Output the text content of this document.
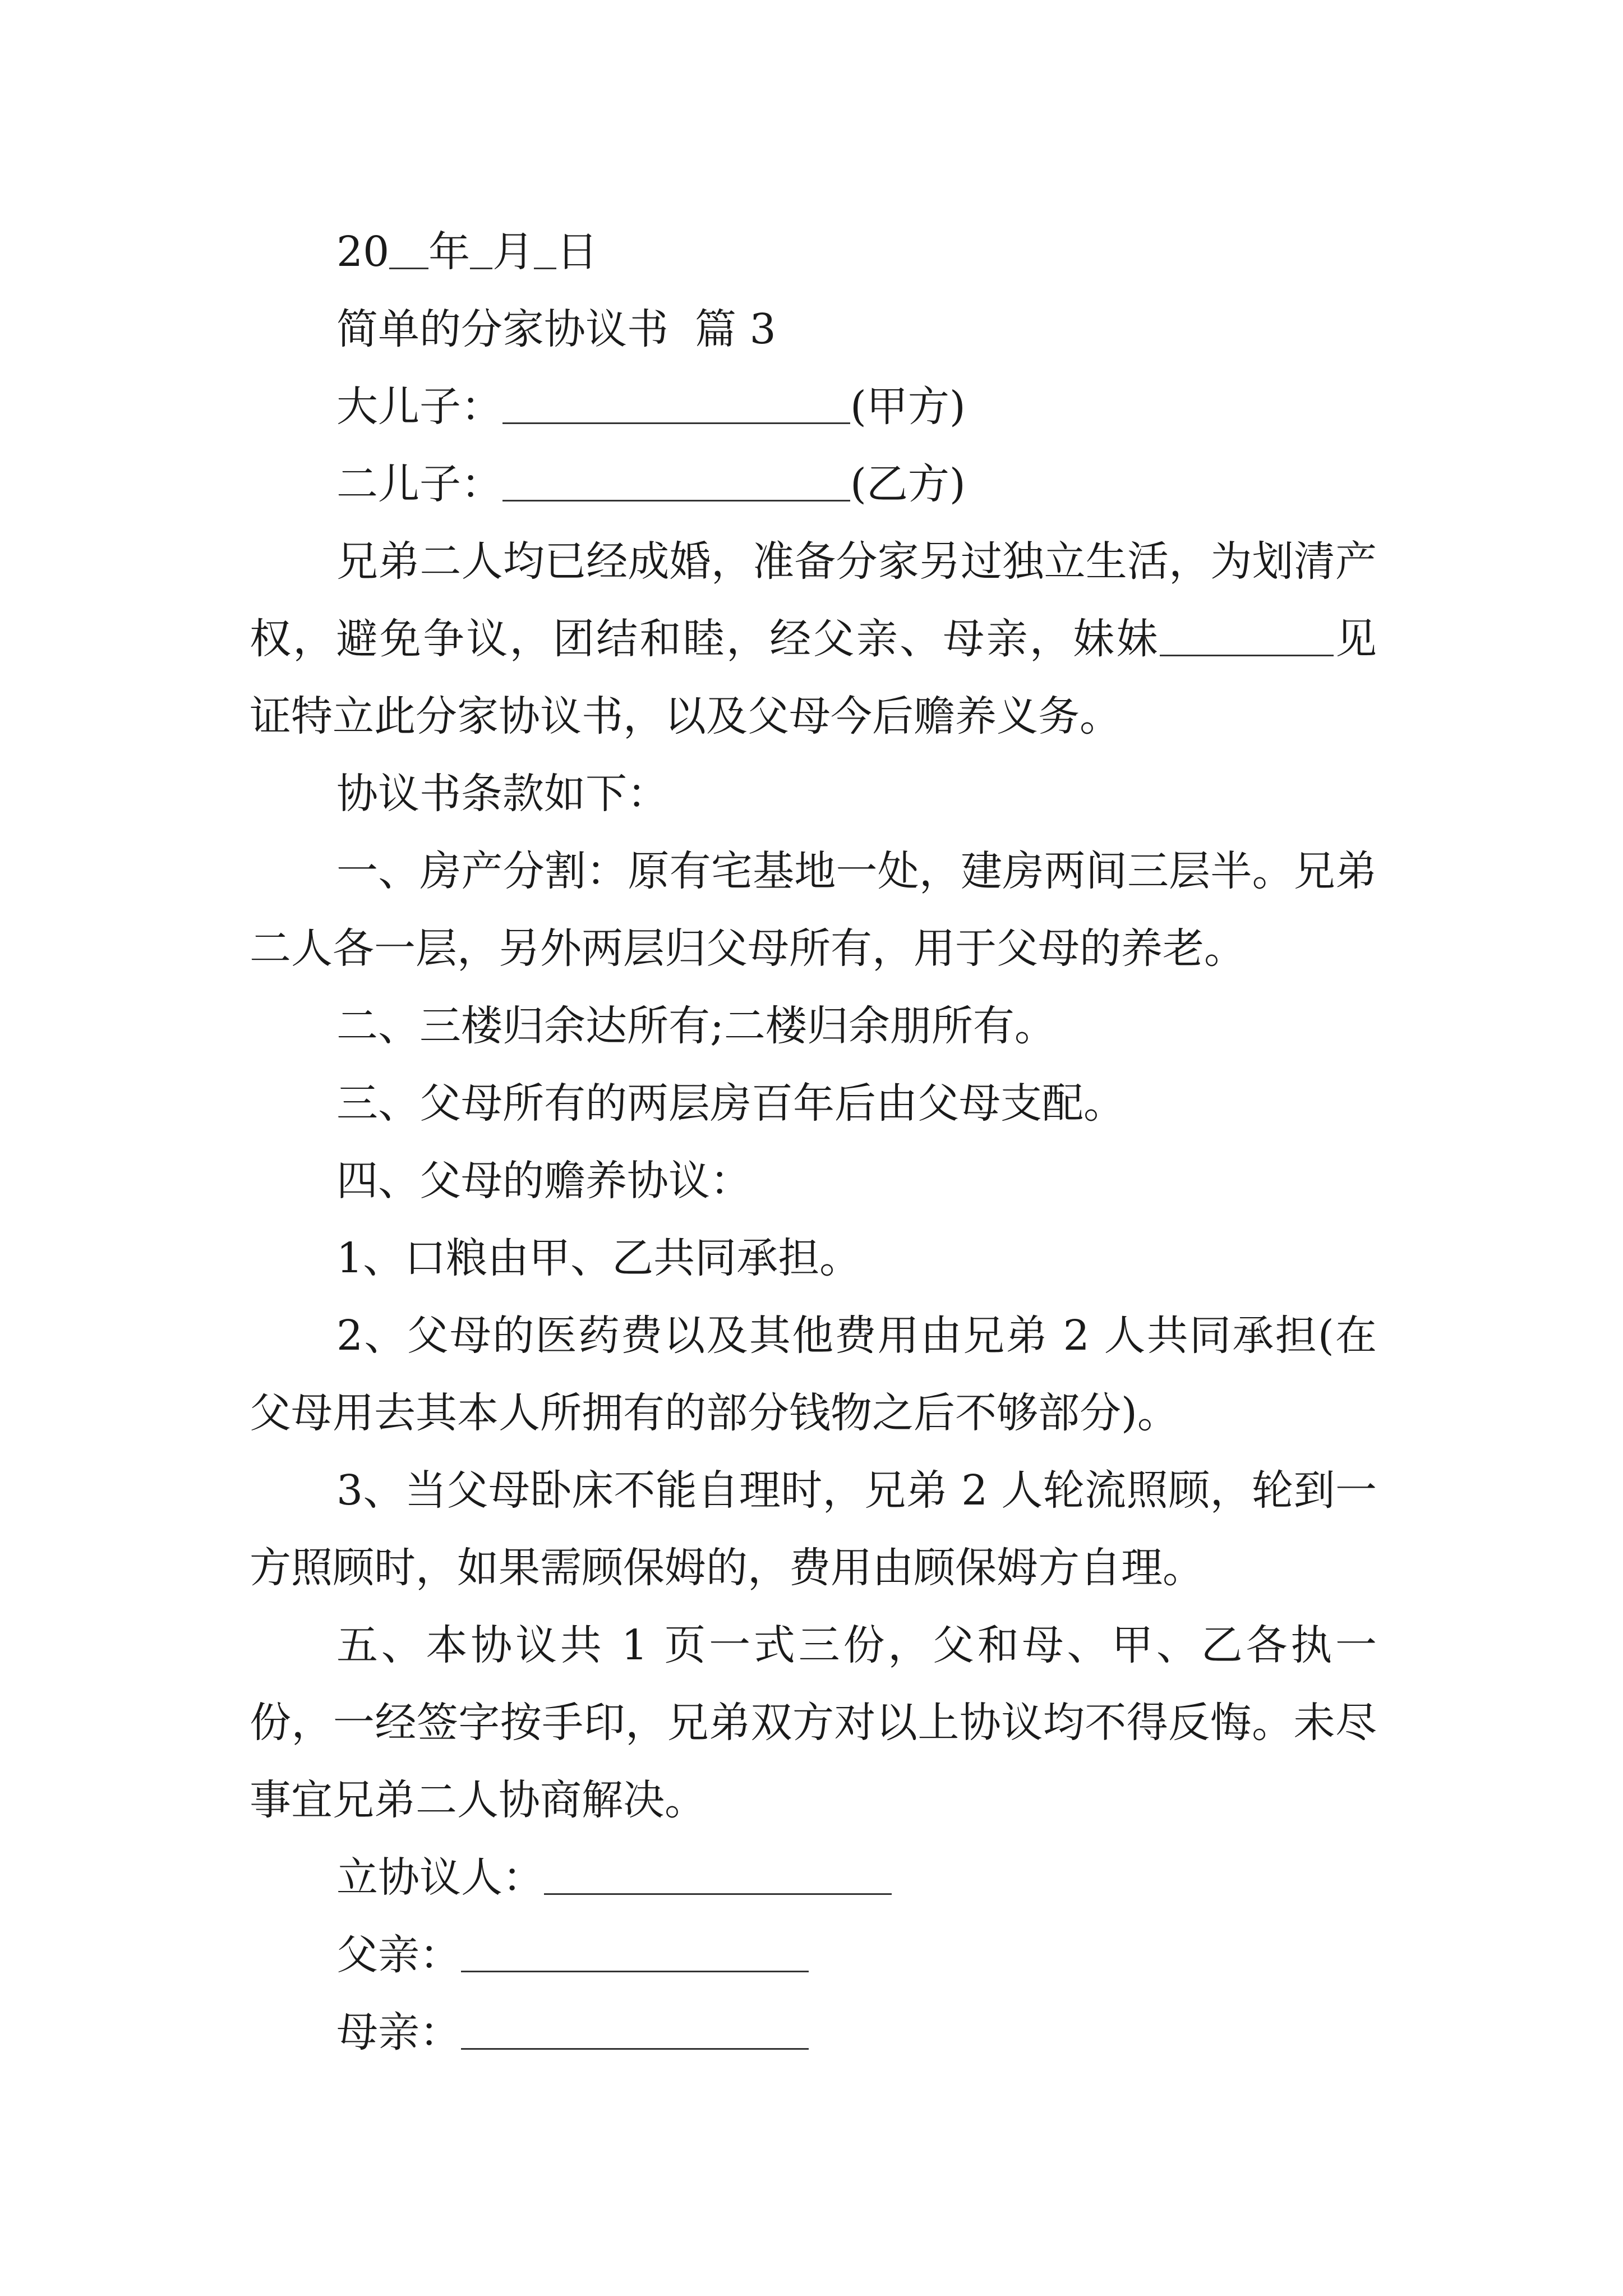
20 年 月 日

简单的分家协议书  篇 3

大儿子：	(甲方)

二儿子：	(乙方)

兄弟二人均已经成婚，准备分家另过独立生活，为划清产权，避免争议，团结和睦，经父亲、母亲，妹妹	见证特立此分家协议书，以及父母今后赡养义务。

协议书条款如下：

一、房产分割：原有宅基地一处，建房两间三层半。兄弟二人各一层，另外两层归父母所有，用于父母的养老。

二、三楼归余达所有;二楼归余朋所有。

三、父母所有的两层房百年后由父母支配。

四、父母的赡养协议：

1、口粮由甲、乙共同承担。

2、父母的医药费以及其他费用由兄弟 2 人共同承担(在父母用去其本人所拥有的部分钱物之后不够部分)。

3、当父母卧床不能自理时，兄弟 2 人轮流照顾，轮到一方照顾时，如果需顾保姆的，费用由顾保姆方自理。

五、本协议共 1 页一式三份，父和母、甲、乙各执一份，一经签字按手印，兄弟双方对以上协议均不得反悔。未尽事宜兄弟二人协商解决。

立协议人：

父亲：

母亲：
